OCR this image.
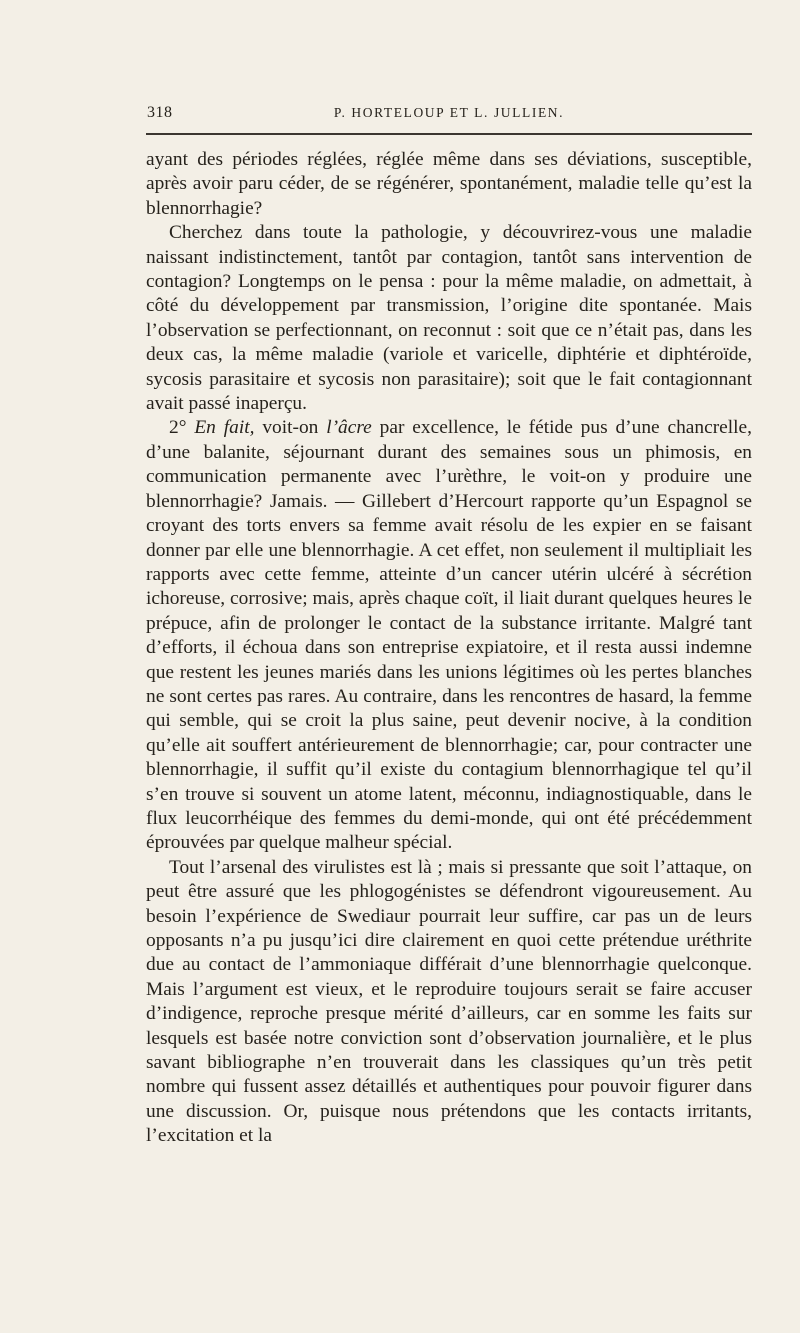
318	P. HORTELOUP ET L. JULLIEN.

ayant des périodes réglées, réglée même dans ses déviations, susceptible, après avoir paru céder, de se régénérer, spontanément, maladie telle qu’est la blennorrhagie?

Cherchez dans toute la pathologie, y découvrirez-vous une maladie naissant indistinctement, tantôt par contagion, tantôt sans intervention de contagion? Longtemps on le pensa : pour la même maladie, on admettait, à côté du développement par transmission, l’origine dite spontanée. Mais l’observation se perfectionnant, on reconnut : soit que ce n’était pas, dans les deux cas, la même maladie (variole et varicelle, diphtérie et diphtéroïde, sycosis parasitaire et sycosis non parasitaire); soit que le fait contagionnant avait passé inaperçu.

2° En fait, voit-on l’âcre par excellence, le fétide pus d’une chancrelle, d’une balanite, séjournant durant des semaines sous un phimosis, en communication permanente avec l’urèthre, le voit-on y produire une blennorrhagie? Jamais. — Gillebert d’Hercourt rapporte qu’un Espagnol se croyant des torts envers sa femme avait résolu de les expier en se faisant donner par elle une blennorrhagie. A cet effet, non seulement il multipliait les rapports avec cette femme, atteinte d’un cancer utérin ulcéré à sécrétion ichoreuse, corrosive; mais, après chaque coït, il liait durant quelques heures le prépuce, afin de prolonger le contact de la substance irritante. Malgré tant d’efforts, il échoua dans son entreprise expiatoire, et il resta aussi indemne que restent les jeunes mariés dans les unions légitimes où les pertes blanches ne sont certes pas rares. Au contraire, dans les rencontres de hasard, la femme qui semble, qui se croit la plus saine, peut devenir nocive, à la condition qu’elle ait souffert antérieurement de blennorrhagie; car, pour contracter une blennorrhagie, il suffit qu’il existe du contagium blennorrhagique tel qu’il s’en trouve si souvent un atome latent, méconnu, indiagnostiquable, dans le flux leucorrhéique des femmes du demi-monde, qui ont été précédemment éprouvées par quelque malheur spécial.

Tout l’arsenal des virulistes est là ; mais si pressante que soit l’attaque, on peut être assuré que les phlogogénistes se défendront vigoureusement. Au besoin l’expérience de Swediaur pourrait leur suffire, car pas un de leurs opposants n’a pu jusqu’ici dire clairement en quoi cette prétendue uréthrite due au contact de l’ammoniaque différait d’une blennorrhagie quelconque. Mais l’argument est vieux, et le reproduire toujours serait se faire accuser d’indigence, reproche presque mérité d’ailleurs, car en somme les faits sur lesquels est basée notre conviction sont d’observation journalière, et le plus savant bibliographe n’en trouverait dans les classiques qu’un très petit nombre qui fussent assez détaillés et authentiques pour pouvoir figurer dans une discussion. Or, puisque nous prétendons que les contacts irritants, l’excitation et la
